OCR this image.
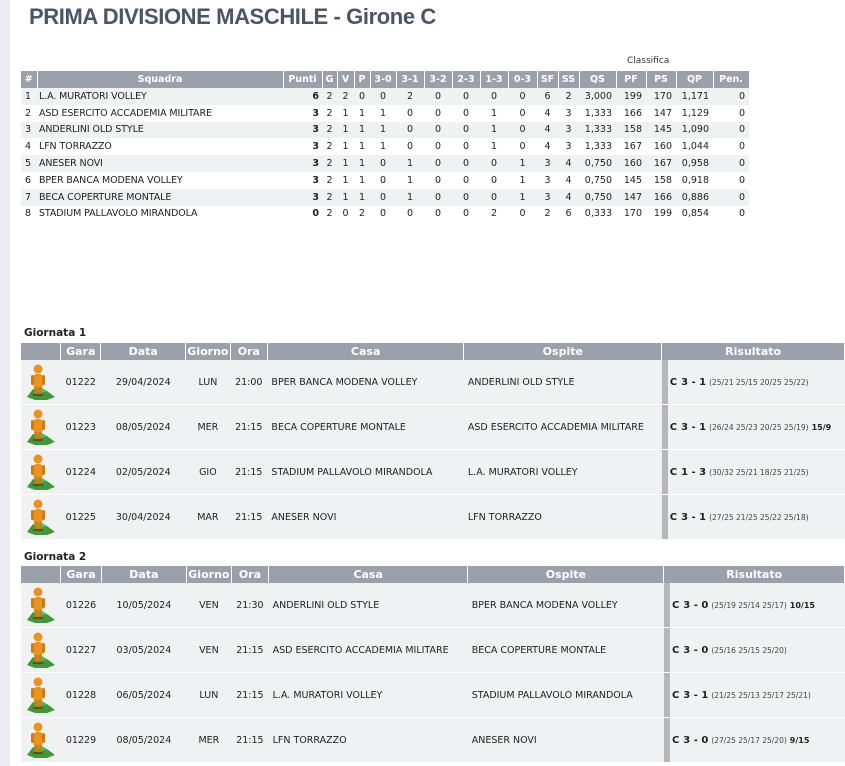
PRIMA DIVISIONE MASCHILE - Girone C
Classifica
#	Squadra	Punti	G	V	P	3-0	3-1	3-2	2-3	1-3	0-3	SF	SS	QS	PF	PS	QP	Pen.
1	L.A. MURATORI VOLLEY	6	2	2	0	0	2	0	0	0	0	6	2	3,000	199	170	1,171	0
2	ASD ESERCITO ACCADEMIA MILITARE	3	2	1	1	1	0	0	0	1	0	4	3	1,333	166	147	1,129	0
3	ANDERLINI OLD STYLE	3	2	1	1	1	0	0	0	1	0	4	3	1,333	158	145	1,090	0
4	LFN TORRAZZO	3	2	1	1	1	0	0	0	1	0	4	3	1,333	167	160	1,044	0
5	ANESER NOVI	3	2	1	1	0	1	0	0	0	1	3	4	0,750	160	167	0,958	0
6	BPER BANCA MODENA VOLLEY	3	2	1	1	0	1	0	0	0	1	3	4	0,750	145	158	0,918	0
7	BECA COPERTURE MONTALE	3	2	1	1	0	1	0	0	0	1	3	4	0,750	147	166	0,886	0
8	STADIUM PALLAVOLO MIRANDOLA	0	2	0	2	0	0	0	0	2	0	2	6	0,333	170	199	0,854	0
Giornata 1
	Gara	Data	Giorno	Ora	Casa	Ospite	Risultato

	01222	29/04/2024	LUN	21:00	BPER BANCA MODENA VOLLEY	ANDERLINI OLD STYLE	C 3 - 1 (25/21 25/15 20/25 25/22)

	01223	08/05/2024	MER	21:15	BECA COPERTURE MONTALE	ASD ESERCITO ACCADEMIA MILITARE	C 3 - 1 (26/24 25/23 20/25 25/19) 15/9

	01224	02/05/2024	GIO	21:15	STADIUM PALLAVOLO MIRANDOLA	L.A. MURATORI VOLLEY	C 1 - 3 (30/32 25/21 18/25 21/25)

	01225	30/04/2024	MAR	21:15	ANESER NOVI	LFN TORRAZZO	C 3 - 1 (27/25 21/25 25/22 25/18)
Giornata 2
	Gara	Data	Giorno	Ora	Casa	Ospite	Risultato

	01226	10/05/2024	VEN	21:30	ANDERLINI OLD STYLE	BPER BANCA MODENA VOLLEY	C 3 - 0 (25/19 25/14 25/17) 10/15

	01227	03/05/2024	VEN	21:15	ASD ESERCITO ACCADEMIA MILITARE	BECA COPERTURE MONTALE	C 3 - 0 (25/16 25/15 25/20)

	01228	06/05/2024	LUN	21:15	L.A. MURATORI VOLLEY	STADIUM PALLAVOLO MIRANDOLA	C 3 - 1 (21/25 25/13 25/17 25/21)

	01229	08/05/2024	MER	21:15	LFN TORRAZZO	ANESER NOVI	C 3 - 0 (27/25 25/17 25/20) 9/15
